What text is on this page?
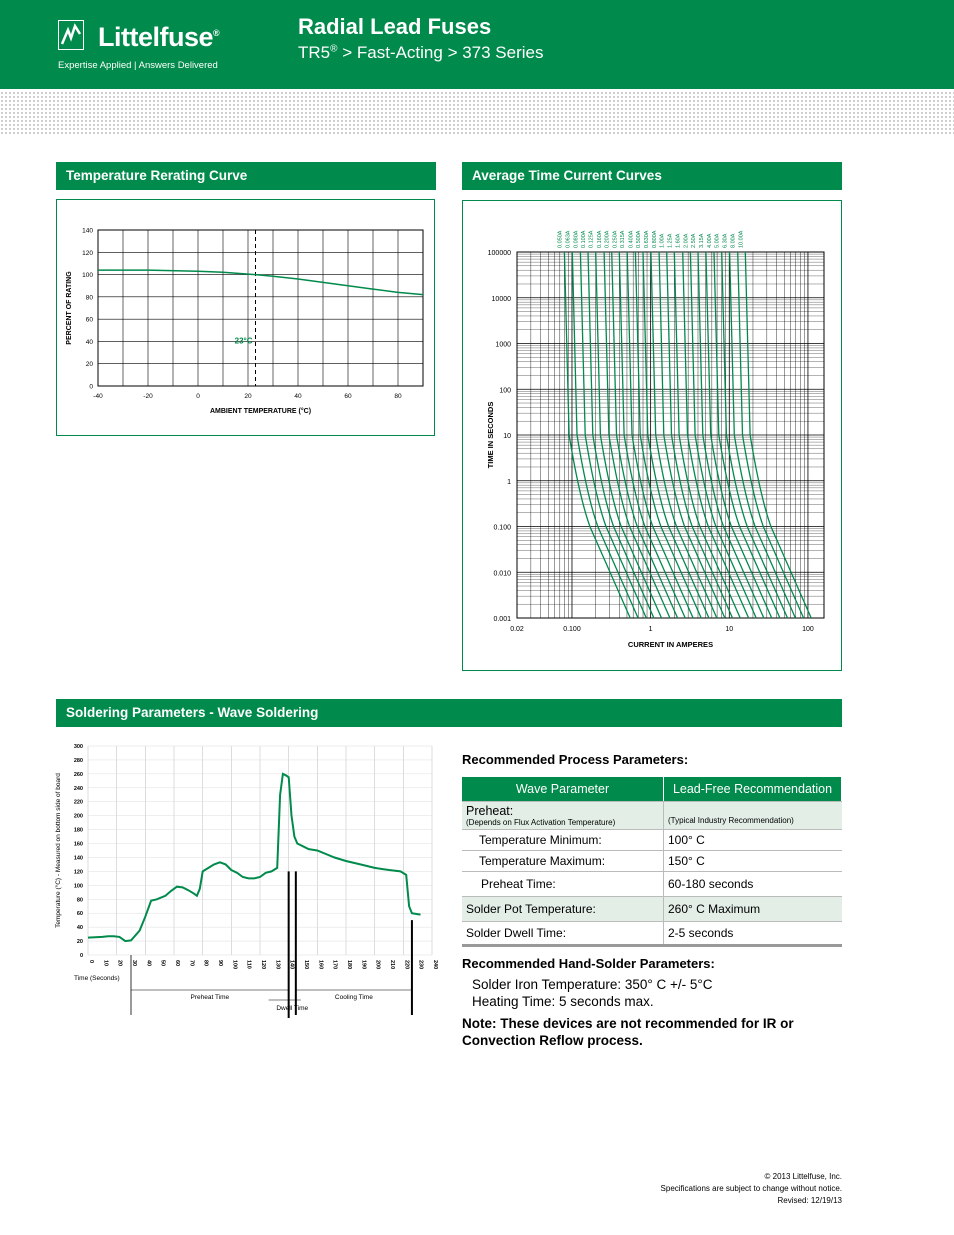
Littelfuse®
Expertise Applied | Answers Delivered
Radial Lead Fuses
TR5® > Fast-Acting > 373 Series
Temperature Rerating Curve	Average Time Current Curves
Soldering Parameters - Wave Soldering
-40	-20	0	20	40	60	80
0
20
40
60
80
100
120
140
23°C
AMBIENT TEMPERATURE (°C)
PERCENT OF RATING
0.02	0.100	1	10	100
100000
10000
1000
100
10
1
0.100
0.010
0.001
CURRENT IN AMPERES
TIME IN SECONDS
0.050A 0.063A 0.080A 0.100A 0.125A 0.160A 0.200A 0.250A 0.315A 0.400A 0.500A 0.630A 0.800A 1.00A 1.25A 1.60A 2.00A 2.50A 3.15A 4.00A 5.00A 6.30A 8.00A 10.00A
0 10 20 30 40 50 60 70 80 90 100 110 120 130 140 150 160 170 180 190 200 210 220 230 240
0
20
40
60
80
100
120
140
160
180
200
220
240
260
280
300
Temperature (°C) - Measured on bottom side of board
Time (Seconds)
Preheat Time
Dwell Time
Cooling Time
Recommended Process Parameters:
Wave Parameter	Lead-Free Recommendation

Preheat:
(Depends on Flux Activation Temperature)	(Typical Industry Recommendation)

Temperature Minimum:	100° C
Temperature Maximum:	150° C
Preheat Time:	60-180 seconds
Solder Pot Temperature:	260° C Maximum
Solder Dwell Time:	2-5 seconds
Recommended Hand-Solder Parameters:
Solder Iron Temperature: 350° C +/- 5°C
Heating Time: 5 seconds max.
Note: These devices are not recommended for IR or Convection Reflow process.
© 2013 Littelfuse, Inc.
Specifications are subject to change without notice.
Revised: 12/19/13
